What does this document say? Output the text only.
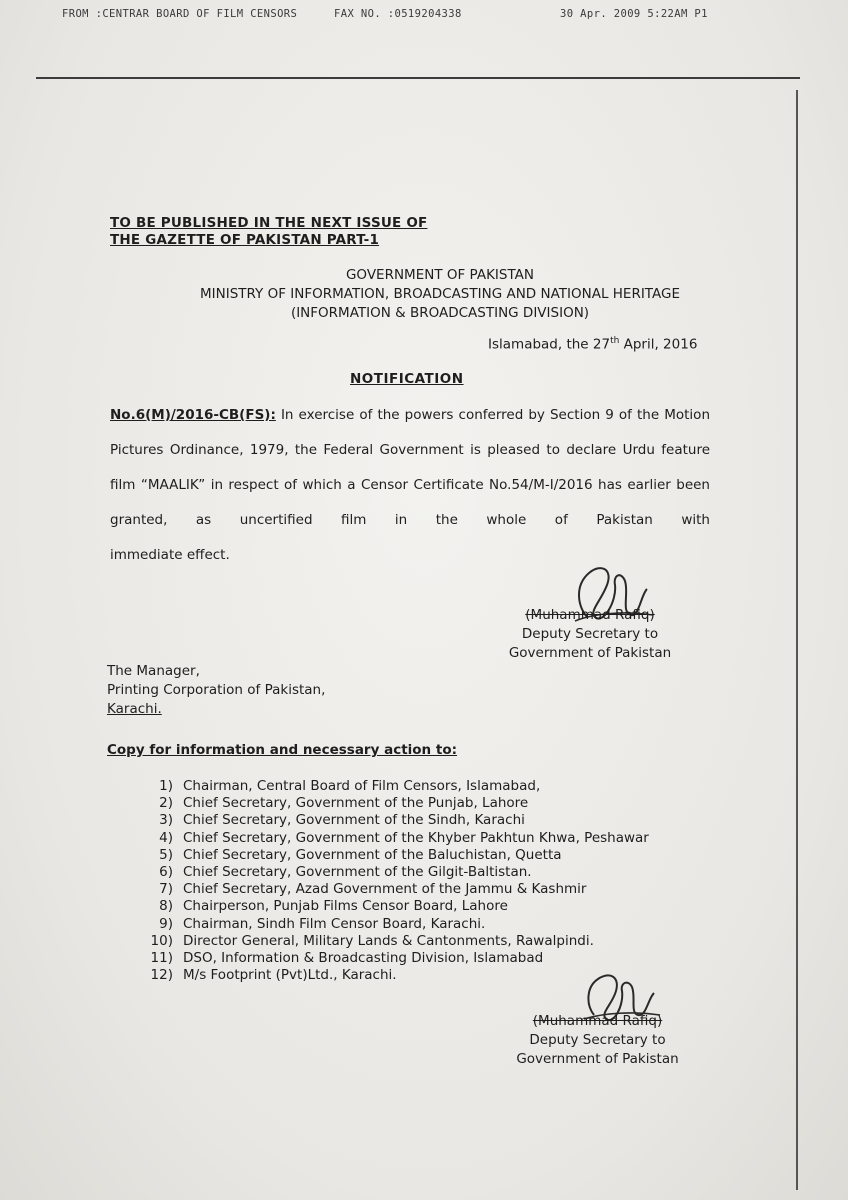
FROM :CENTRAR BOARD OF FILM CENSORS	FAX NO. :0519204338	30 Apr. 2009 5:22AM P1
TO BE PUBLISHED IN THE NEXT ISSUE OF
THE GAZETTE OF PAKISTAN PART-1
GOVERNMENT OF PAKISTAN
MINISTRY OF INFORMATION, BROADCASTING AND NATIONAL HERITAGE
(INFORMATION & BROADCASTING DIVISION)
Islamabad, the 27th April, 2016
NOTIFICATION
No.6(M)/2016-CB(FS): In exercise of the powers conferred by Section 9 of the Motion Pictures Ordinance, 1979, the Federal Government is pleased to declare Urdu feature film “MAALIK” in respect of which a Censor Certificate No.54/M-I/2016 has earlier been granted, as uncertified film in the whole of Pakistan with
immediate effect.
(Muhammad Rafiq)
Deputy Secretary to
Government of Pakistan
The Manager,
Printing Corporation of Pakistan,
Karachi.
Copy for information and necessary action to:
1) Chairman, Central Board of Film Censors, Islamabad,
2) Chief Secretary, Government of the Punjab, Lahore
3) Chief Secretary, Government of the Sindh, Karachi
4) Chief Secretary, Government of the Khyber Pakhtun Khwa, Peshawar
5) Chief Secretary, Government of the Baluchistan, Quetta
6) Chief Secretary, Government of the Gilgit-Baltistan.
7) Chief Secretary, Azad Government of the Jammu & Kashmir
8) Chairperson, Punjab Films Censor Board, Lahore
9) Chairman, Sindh Film Censor Board, Karachi.
10) Director General, Military Lands & Cantonments, Rawalpindi.
11) DSO, Information & Broadcasting Division, Islamabad
12) M/s Footprint (Pvt)Ltd., Karachi.
(Muhammad Rafiq)
Deputy Secretary to
Government of Pakistan
